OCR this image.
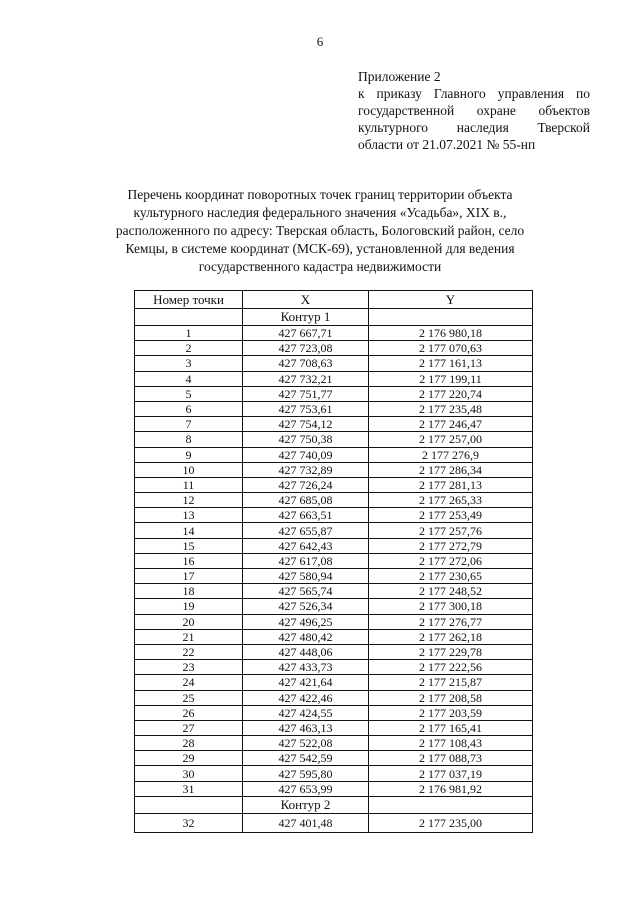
6
Приложение 2
к приказу Главного управления по
государственной охране объектов
культурного наследия Тверской
области от 21.07.2021 № 55-нп
Перечень координат поворотных точек границ территории объекта
культурного наследия федерального значения «Усадьба», XIX в.,
расположенного по адресу: Тверская область, Бологовский район, село
Кемцы, в системе координат (МСК-69), установленной для ведения
государственного кадастра недвижимости
Номер точки	X	Y
	Контур 1	
1	427 667,71	2 176 980,18
2	427 723,08	2 177 070,63
3	427 708,63	2 177 161,13
4	427 732,21	2 177 199,11
5	427 751,77	2 177 220,74
6	427 753,61	2 177 235,48
7	427 754,12	2 177 246,47
8	427 750,38	2 177 257,00
9	427 740,09	2 177 276,9
10	427 732,89	2 177 286,34
11	427 726,24	2 177 281,13
12	427 685,08	2 177 265,33
13	427 663,51	2 177 253,49
14	427 655,87	2 177 257,76
15	427 642,43	2 177 272,79
16	427 617,08	2 177 272,06
17	427 580,94	2 177 230,65
18	427 565,74	2 177 248,52
19	427 526,34	2 177 300,18
20	427 496,25	2 177 276,77
21	427 480,42	2 177 262,18
22	427 448,06	2 177 229,78
23	427 433,73	2 177 222,56
24	427 421,64	2 177 215,87
25	427 422,46	2 177 208,58
26	427 424,55	2 177 203,59
27	427 463,13	2 177 165,41
28	427 522,08	2 177 108,43
29	427 542,59	2 177 088,73
30	427 595,80	2 177 037,19
31	427 653,99	2 176 981,92
	Контур 2	
32	427 401,48	2 177 235,00
